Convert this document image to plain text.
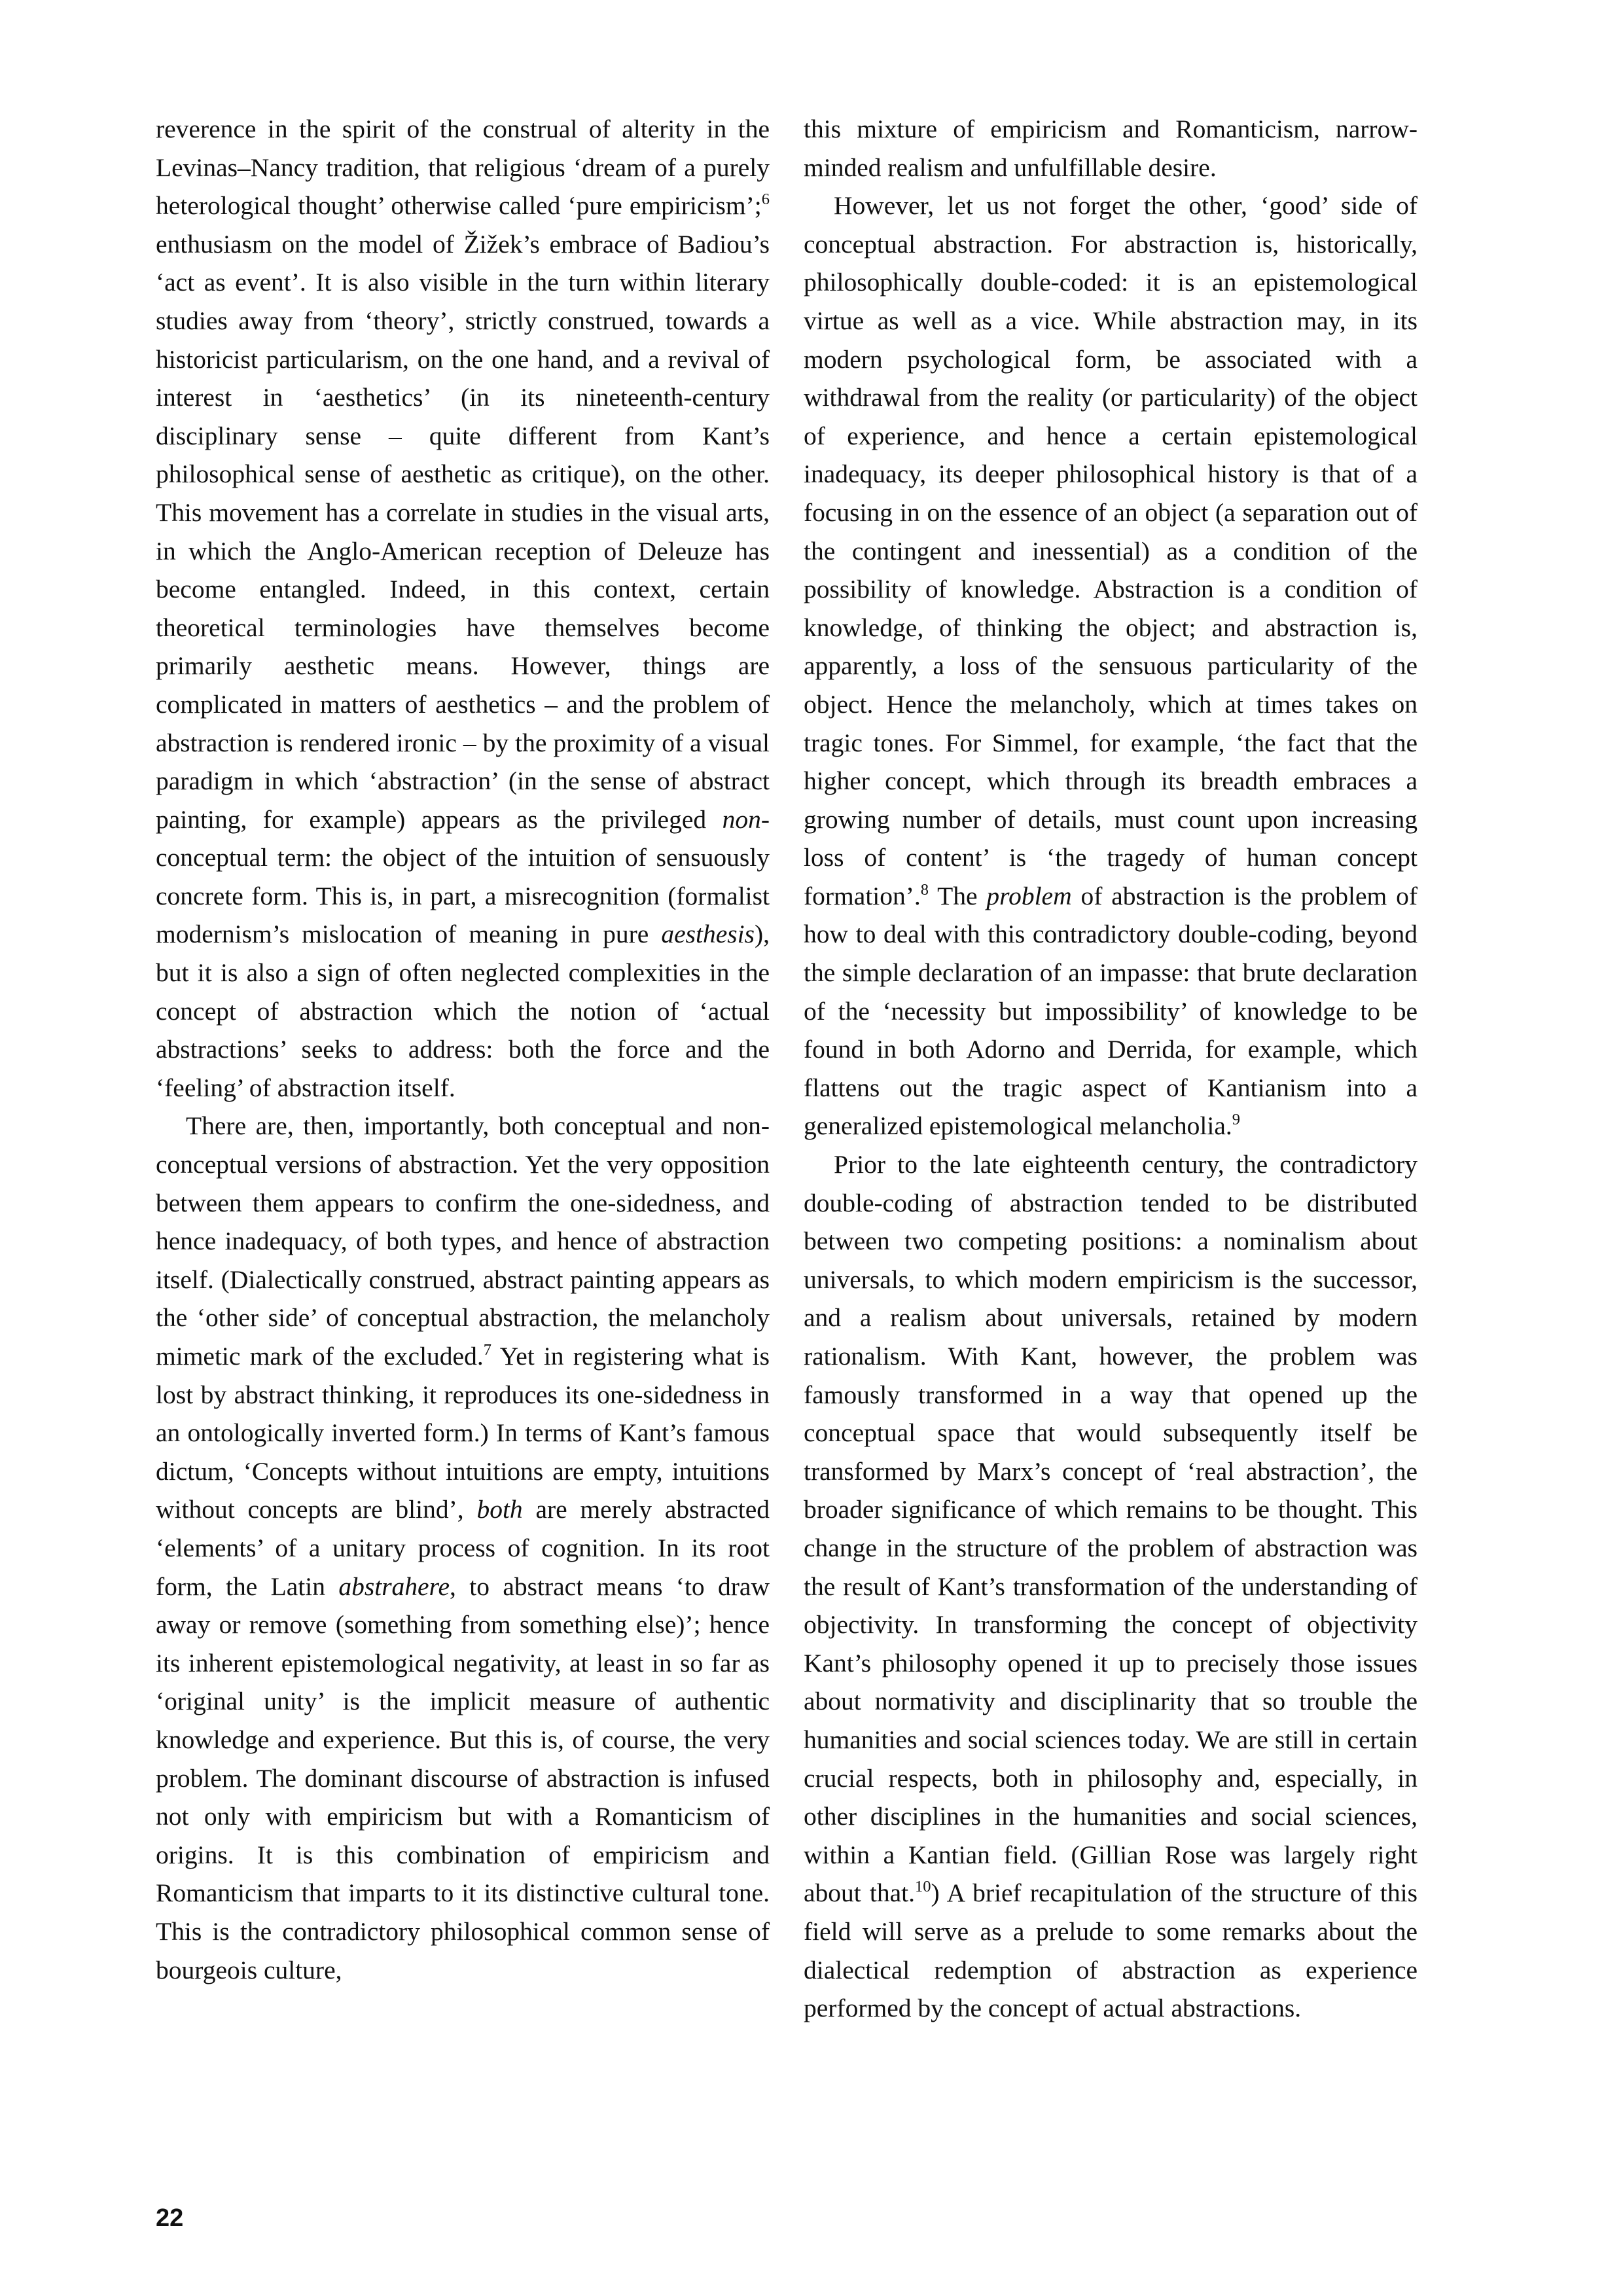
reverence in the spirit of the construal of alterity in the Levinas–Nancy tradition, that religious ‘dream of a purely heterological thought’ otherwise called ‘pure empiricism’;$^6$ enthusiasm on the model of Žižek’s embrace of Badiou’s ‘act as event’. It is also visible in the turn within literary studies away from ‘theory’, strictly construed, towards a historicist particularism, on the one hand, and a revival of interest in ‘aesthetics’ (in its nineteenth-century disciplinary sense – quite different from Kant’s philosophical sense of aesthetic as critique), on the other. This movement has a correlate in studies in the visual arts, in which the Anglo-American reception of Deleuze has become entangled. Indeed, in this context, certain theoretical terminologies have themselves become primarily aesthetic means. However, things are complicated in matters of aesthetics – and the problem of abstraction is rendered ironic – by the proximity of a visual paradigm in which ‘abstraction’ (in the sense of abstract painting, for example) appears as the privileged non-conceptual term: the object of the intuition of sensuously concrete form. This is, in part, a misrecognition (formalist modernism’s mislocation of meaning in pure aesthesis), but it is also a sign of often neglected complexities in the concept of abstraction which the notion of ‘actual abstractions’ seeks to address: both the force and the ‘feeling’ of abstraction itself.

There are, then, importantly, both conceptual and non-conceptual versions of abstraction. Yet the very opposition between them appears to confirm the one-sidedness, and hence inadequacy, of both types, and hence of abstraction itself. (Dialectically construed, abstract painting appears as the ‘other side’ of conceptual abstraction, the melancholy mimetic mark of the excluded.$^7$ Yet in registering what is lost by abstract thinking, it reproduces its one-sidedness in an ontologically inverted form.) In terms of Kant’s famous dictum, ‘Concepts without intuitions are empty, intuitions without concepts are blind’, both are merely abstracted ‘elements’ of a unitary process of cognition. In its root form, the Latin abstrahere, to abstract means ‘to draw away or remove (something from something else)’; hence its inherent epistemological negativity, at least in so far as ‘original unity’ is the implicit measure of authentic knowledge and experience. But this is, of course, the very problem. The dominant discourse of abstraction is infused not only with empiricism but with a Romanticism of origins. It is this combination of empiricism and Romanticism that imparts to it its distinctive cultural tone. This is the contradictory philosophical common sense of bourgeois culture,

this mixture of empiricism and Romanticism, narrow-minded realism and unfulfillable desire.

However, let us not forget the other, ‘good’ side of conceptual abstraction. For abstraction is, historically, philosophically double-coded: it is an epistemological virtue as well as a vice. While abstraction may, in its modern psychological form, be associated with a withdrawal from the reality (or particularity) of the object of experience, and hence a certain epistemological inadequacy, its deeper philosophical history is that of a focusing in on the essence of an object (a separation out of the contingent and inessential) as a condition of the possibility of knowledge. Abstraction is a condition of knowledge, of thinking the object; and abstraction is, apparently, a loss of the sensuous particularity of the object. Hence the melancholy, which at times takes on tragic tones. For Simmel, for example, ‘the fact that the higher concept, which through its breadth embraces a growing number of details, must count upon increasing loss of content’ is ‘the tragedy of human concept formation’.$^8$ The problem of abstraction is the problem of how to deal with this contradictory double-coding, beyond the simple declaration of an impasse: that brute declaration of the ‘necessity but impossibility’ of knowledge to be found in both Adorno and Derrida, for example, which flattens out the tragic aspect of Kantianism into a generalized epistemological melancholia.$^9$

Prior to the late eighteenth century, the contradictory double-coding of abstraction tended to be distributed between two competing positions: a nominalism about universals, to which modern empiricism is the successor, and a realism about universals, retained by modern rationalism. With Kant, however, the problem was famously transformed in a way that opened up the conceptual space that would subsequently itself be transformed by Marx’s concept of ‘real abstraction’, the broader significance of which remains to be thought. This change in the structure of the problem of abstraction was the result of Kant’s transformation of the understanding of objectivity. In transforming the concept of objectivity Kant’s philosophy opened it up to precisely those issues about normativity and disciplinarity that so trouble the humanities and social sciences today. We are still in certain crucial respects, both in philosophy and, especially, in other disciplines in the humanities and social sciences, within a Kantian field. (Gillian Rose was largely right about that.$^{10}$) A brief recapitulation of the structure of this field will serve as a prelude to some remarks about the dialectical redemption of abstraction as experience performed by the concept of actual abstractions.

22
